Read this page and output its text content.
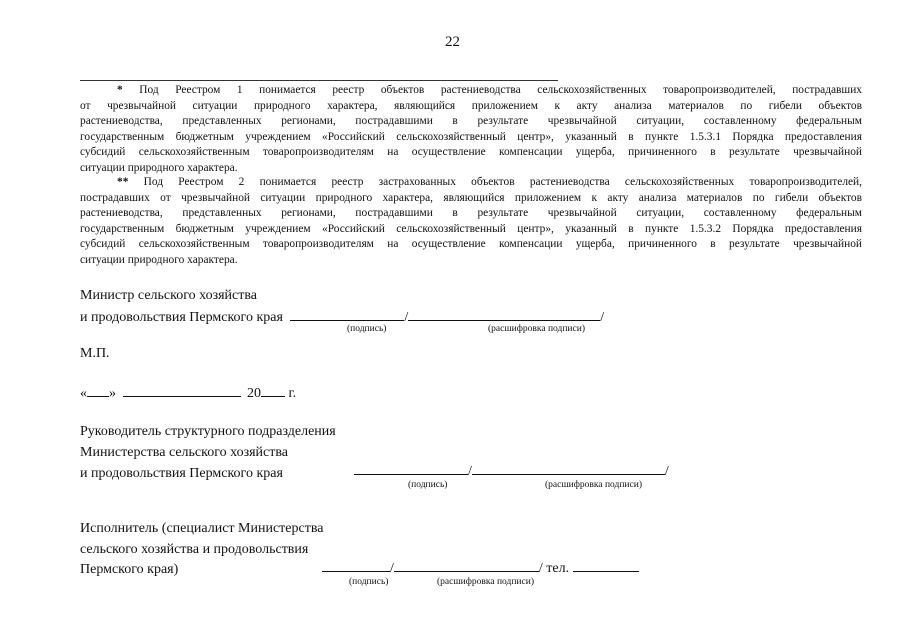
22
* Под Реестром 1 понимается реестр объектов растениеводства сельскохозяйственных товаропроизводителей, пострадавших
от чрезвычайной ситуации природного характера, являющийся приложением к акту анализа материалов по гибели объектов
растениеводства, представленных регионами, пострадавшими в результате чрезвычайной ситуации, составленному федеральным
государственным бюджетным учреждением «Российский сельскохозяйственный центр», указанный в пункте 1.5.3.1 Порядка предоставления
субсидий сельскохозяйственным товаропроизводителям на осуществление компенсации ущерба, причиненного в результате чрезвычайной
ситуации природного характера.
** Под Реестром 2 понимается реестр застрахованных объектов растениеводства сельскохозяйственных товаропроизводителей,
пострадавших от чрезвычайной ситуации природного характера, являющийся приложением к акту анализа материалов по гибели объектов
растениеводства, представленных регионами, пострадавшими в результате чрезвычайной ситуации, составленному федеральным
государственным бюджетным учреждением «Российский сельскохозяйственный центр», указанный в пункте 1.5.3.2 Порядка предоставления
субсидий сельскохозяйственным товаропроизводителям на осуществление компенсации ущерба, причиненного в результате чрезвычайной
ситуации природного характера.
Министр сельского хозяйства
и продовольствия Пермского края	/	/
(подпись)	(расшифровка подписи)
М.П.
« »	20 г.
Руководитель структурного подразделения
Министерства сельского хозяйства
и продовольствия Пермского края	/	/
(подпись)	(расшифровка подписи)
Исполнитель (специалист Министерства
сельского хозяйства и продовольствия
Пермского края)	/	/ тел.
(подпись)	(расшифровка подписи)
